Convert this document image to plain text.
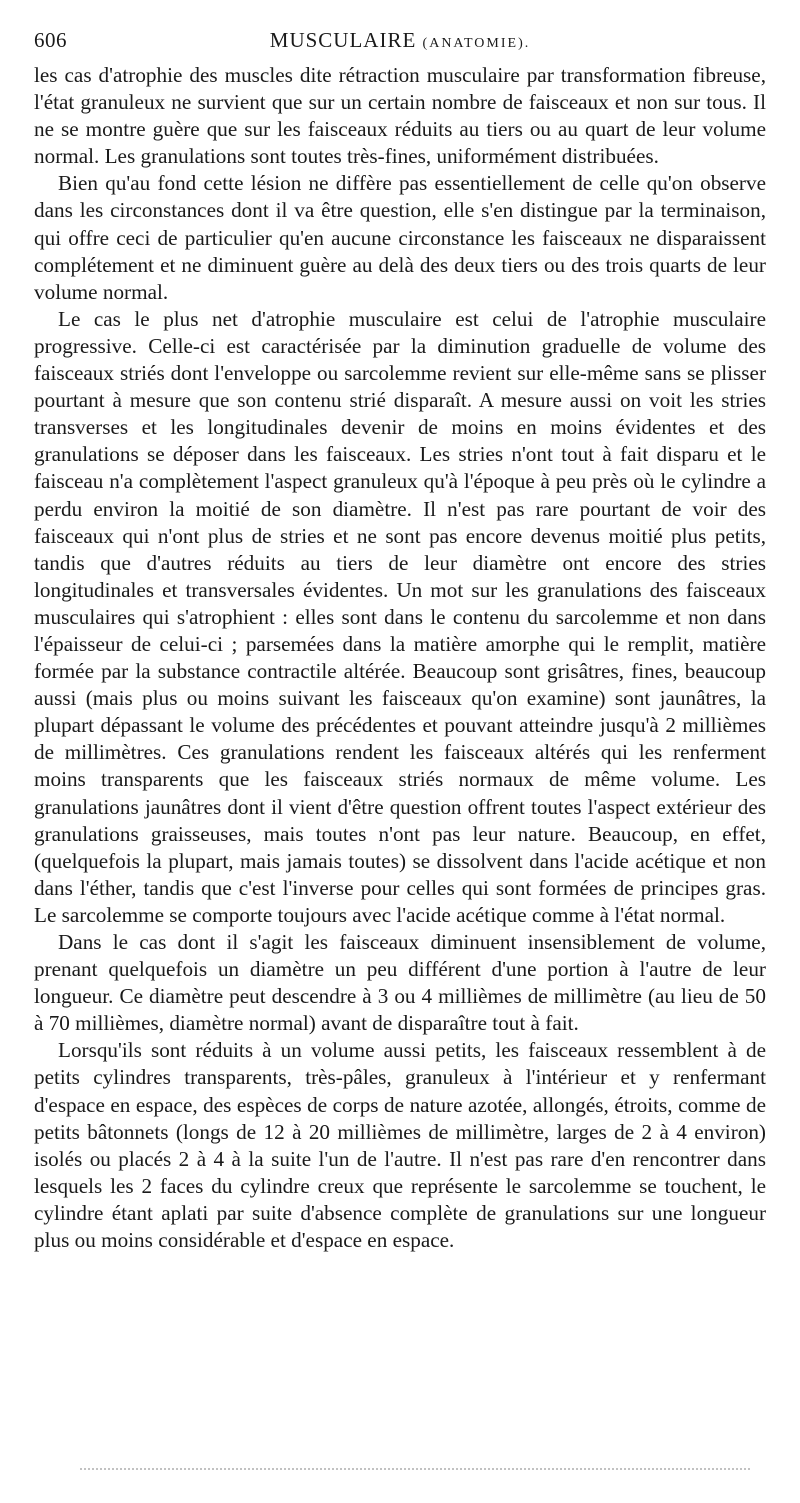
606	MUSCULAIRE (ANATOMIE).

les cas d'atrophie des muscles dite rétraction musculaire par transformation fibreuse, l'état granuleux ne survient que sur un certain nombre de faisceaux et non sur tous. Il ne se montre guère que sur les faisceaux réduits au tiers ou au quart de leur volume normal. Les granulations sont toutes très-fines, uniformément distribuées.

Bien qu'au fond cette lésion ne diffère pas essentiellement de celle qu'on observe dans les circonstances dont il va être question, elle s'en distingue par la terminaison, qui offre ceci de particulier qu'en aucune circonstance les faisceaux ne disparaissent complétement et ne diminuent guère au delà des deux tiers ou des trois quarts de leur volume normal.

Le cas le plus net d'atrophie musculaire est celui de l'atrophie musculaire progressive. Celle-ci est caractérisée par la diminution graduelle de volume des faisceaux striés dont l'enveloppe ou sarcolemme revient sur elle-même sans se plisser pourtant à mesure que son contenu strié disparaît. A mesure aussi on voit les stries transverses et les longitudinales devenir de moins en moins évidentes et des granulations se déposer dans les faisceaux. Les stries n'ont tout à fait disparu et le faisceau n'a complètement l'aspect granuleux qu'à l'époque à peu près où le cylindre a perdu environ la moitié de son diamètre. Il n'est pas rare pourtant de voir des faisceaux qui n'ont plus de stries et ne sont pas encore devenus moitié plus petits, tandis que d'autres réduits au tiers de leur diamètre ont encore des stries longitudinales et transversales évidentes. Un mot sur les granulations des faisceaux musculaires qui s'atrophient : elles sont dans le contenu du sarcolemme et non dans l'épaisseur de celui-ci ; parsemées dans la matière amorphe qui le remplit, matière formée par la substance contractile altérée. Beaucoup sont grisâtres, fines, beaucoup aussi (mais plus ou moins suivant les faisceaux qu'on examine) sont jaunâtres, la plupart dépassant le volume des précédentes et pouvant atteindre jusqu'à 2 millièmes de millimètres. Ces granulations rendent les faisceaux altérés qui les renferment moins transparents que les faisceaux striés normaux de même volume. Les granulations jaunâtres dont il vient d'être question offrent toutes l'aspect extérieur des granulations graisseuses, mais toutes n'ont pas leur nature. Beaucoup, en effet, (quelquefois la plupart, mais jamais toutes) se dissolvent dans l'acide acétique et non dans l'éther, tandis que c'est l'inverse pour celles qui sont formées de principes gras. Le sarcolemme se comporte toujours avec l'acide acétique comme à l'état normal.

Dans le cas dont il s'agit les faisceaux diminuent insensiblement de volume, prenant quelquefois un diamètre un peu différent d'une portion à l'autre de leur longueur. Ce diamètre peut descendre à 3 ou 4 millièmes de millimètre (au lieu de 50 à 70 millièmes, diamètre normal) avant de disparaître tout à fait.

Lorsqu'ils sont réduits à un volume aussi petits, les faisceaux ressemblent à de petits cylindres transparents, très-pâles, granuleux à l'intérieur et y renfermant d'espace en espace, des espèces de corps de nature azotée, allongés, étroits, comme de petits bâtonnets (longs de 12 à 20 millièmes de millimètre, larges de 2 à 4 environ) isolés ou placés 2 à 4 à la suite l'un de l'autre. Il n'est pas rare d'en rencontrer dans lesquels les 2 faces du cylindre creux que représente le sarcolemme se touchent, le cylindre étant aplati par suite d'absence complète de granulations sur une longueur plus ou moins considérable et d'espace en espace.
